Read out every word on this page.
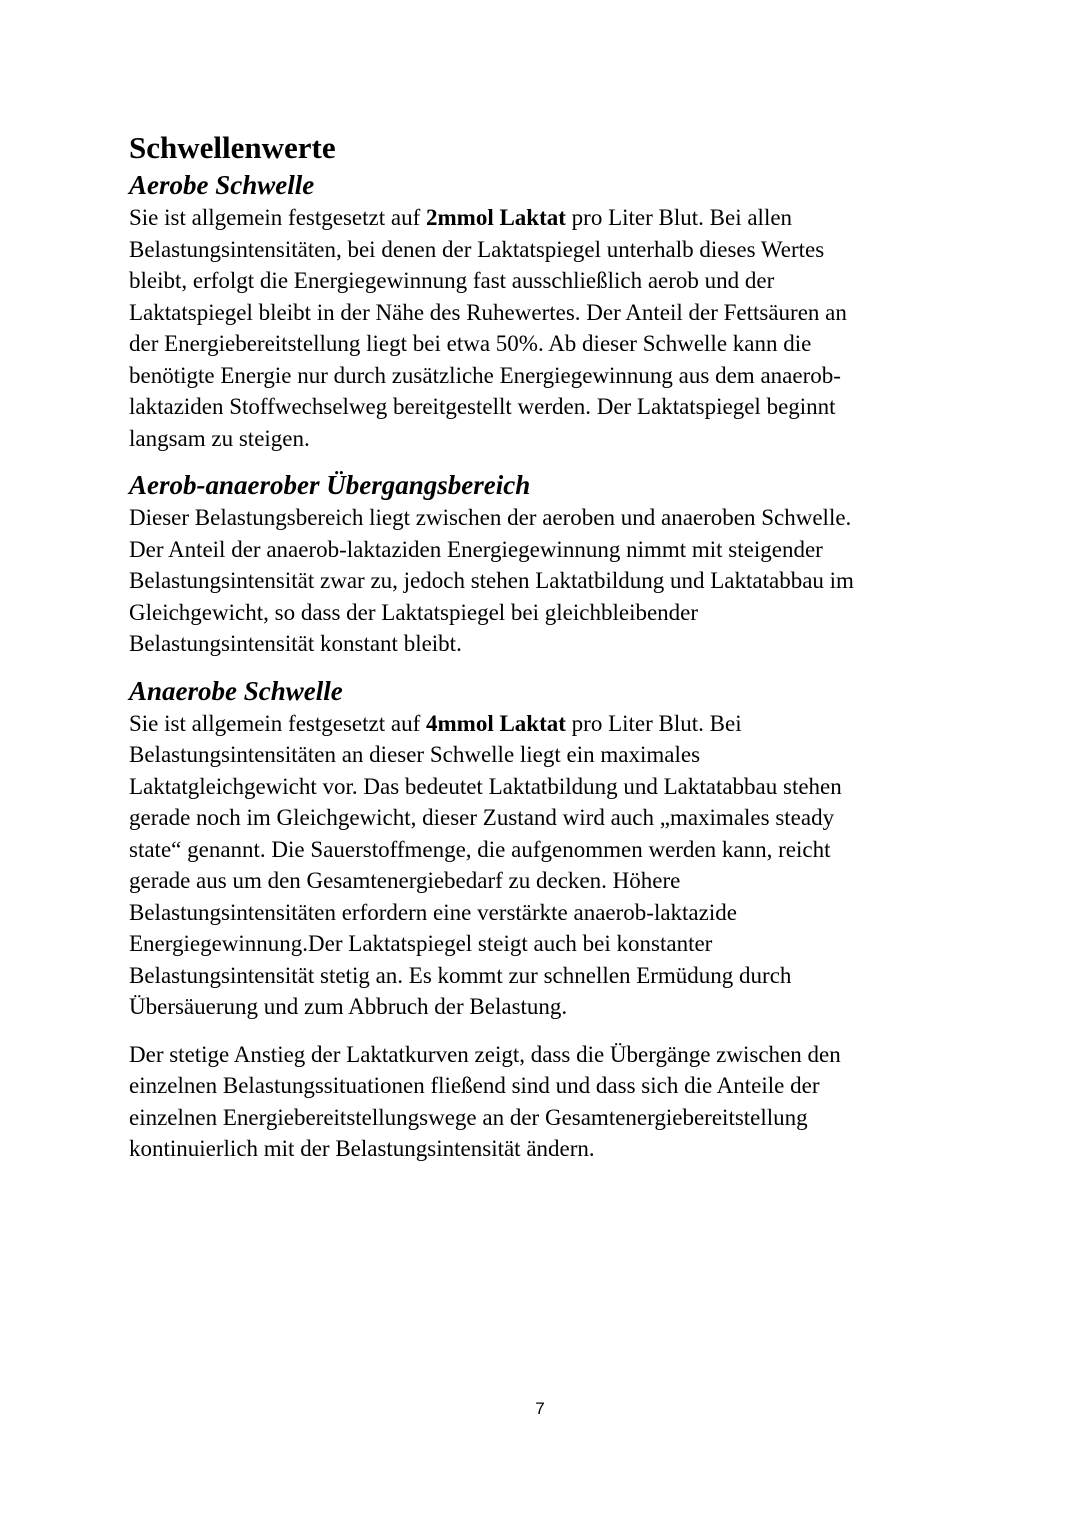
Schwellenwerte
Aerobe Schwelle

Sie ist allgemein festgesetzt auf 2mmol Laktat pro Liter Blut. Bei allen
Belastungsintensitäten, bei denen der Laktatspiegel unterhalb dieses Wertes
bleibt, erfolgt die Energiegewinnung fast ausschließlich aerob und der
Laktatspiegel bleibt in der Nähe des Ruhewertes. Der Anteil der Fettsäuren an
der Energiebereitstellung liegt bei etwa 50%. Ab dieser Schwelle kann die
benötigte Energie nur durch zusätzliche Energiegewinnung aus dem anaerob-
laktaziden Stoffwechselweg bereitgestellt werden. Der Laktatspiegel beginnt
langsam zu steigen.

Aerob-anaerober Übergangsbereich

Dieser Belastungsbereich liegt zwischen der aeroben und anaeroben Schwelle.
Der Anteil der anaerob-laktaziden Energiegewinnung nimmt mit steigender
Belastungsintensität zwar zu, jedoch stehen Laktatbildung und Laktatabbau im
Gleichgewicht, so dass der Laktatspiegel bei gleichbleibender
Belastungsintensität konstant bleibt.

Anaerobe Schwelle

Sie ist allgemein festgesetzt auf 4mmol Laktat pro Liter Blut. Bei
Belastungsintensitäten an dieser Schwelle liegt ein maximales
Laktatgleichgewicht vor. Das bedeutet Laktatbildung und Laktatabbau stehen
gerade noch im Gleichgewicht, dieser Zustand wird auch „maximales steady
state“ genannt. Die Sauerstoffmenge, die aufgenommen werden kann, reicht
gerade aus um den Gesamtenergiebedarf zu decken. Höhere
Belastungsintensitäten erfordern eine verstärkte anaerob-laktazide
Energiegewinnung.Der Laktatspiegel steigt auch bei konstanter
Belastungsintensität stetig an. Es kommt zur schnellen Ermüdung durch
Übersäuerung und zum Abbruch der Belastung.

Der stetige Anstieg der Laktatkurven zeigt, dass die Übergänge zwischen den
einzelnen Belastungssituationen fließend sind und dass sich die Anteile der
einzelnen Energiebereitstellungswege an der Gesamtenergiebereitstellung
kontinuierlich mit der Belastungsintensität ändern.

7
